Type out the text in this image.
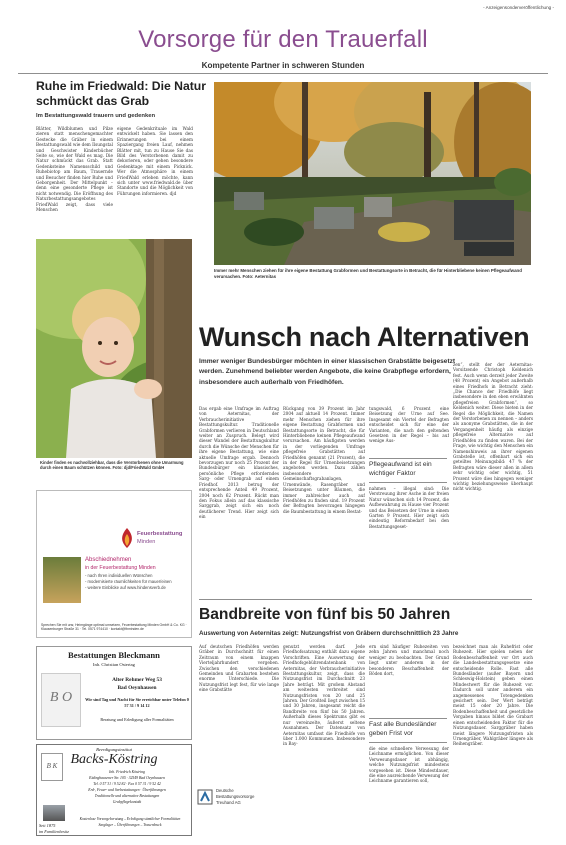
- Anzeigensonderveröffentlichung -
Vorsorge für den Trauerfall
Kompetente Partner in schweren Stunden
Ruhe im Friedwald: Die Natur schmückt das Grab
Im Bestattungswald trauern und gedenken
Blätter, Wildblumen und Pilze zieren statt menschengemachter Gestecke die Gräber in einem Bestattungswald wie dem Ilsungstal und Geschwister Kinderbücher Seite so, wie der Wald es mag. Die Natur schmückt das Grab. Statt Gedenksteine Namensschild und Ruhebiotop am Baum, Trauernde und Besucher finden hier Ruhe und Geborgenheit. Der Mittelpunkt – denn eine gesonderte Pflege ist nicht notwendig. Die Eröffnung des Naturbestattungsangebotes FriedWald zeigt, dass viele Menschen
eigene Gedenkrituale im Wald entwickelt haben. Sie lassen den Erinnerungen bei einem Spaziergang freien Lauf, nehmen Blätter mit, tun zu Hause Sie das Bild des Verstorbenen damit zu dekorieren, oder gehen besondere Gedenktage mit einem Picknick. Wer die Atmosphäre in einem FriedWald erleben möchte, kann sich unter www.friedwald.de über Standorte und die Möglichkeit von Führungen informieren. djd
Immer mehr Menschen ziehen für ihre eigene Bestattung Grabformen und Bestattungsorte in Betracht, die für Hinterbliebene keinen Pflegeaufwand verursachen. Foto: Aeternitas
Kinder finden es nachvollziehbar, dass die Verstorbenen ohne Umarmung durch einen Baum schützen können. Foto: djd/FriedWald GmbH
Feuerbestattung
Minden
Abschiednehmen
in der Feuerbestattung Minden
- nach Ihren individuellen Wünschen
- modernisierte räumlichkeiten für mauer/einen
- weitere Einblicke auf www.hindensverb.de
Sprechen Sie mit uns; Heimgänge optimal umsetzen, Feuerbestattung Minden GmbH & Co. KG · Klausenburger Straße 31 · Tel. 0571 974410 · kontakt@fbminden.de
Wunsch nach Alternativen
Immer weniger Bundesbürger möchten in einer klassischen Grabstätte beigesetzt werden. Zunehmend beliebter werden Angebote, die keine Grabpflege erfordern, insbesondere auch außerhalb von Friedhöfen.
Das ergab eine Umfrage im Auftrag von Aeternitas, der Verbraucherinitiative Bestattungskultur. Traditionelle Grabformen verlieren in Deutschland weiter an Zuspruch. Belegt wird dieser Wandel der Bestattungskultur durch die Wünsche der Menschen für ihre eigene Bestattung, wie eine aktuelle Umfrage ergab. Dennoch bevorzugen nur noch 25 Prozent der Bundesbürger ein klassisches, persönliche Pflege erforderndes Sarg- oder Urnengrab auf einem Friedhof. 2013 betrug der entsprechende Anteil 49 Prozent, 2004 noch 62 Prozent. Rückt man den Fokus allein auf das klassische Sarggrab, zeigt sich ein noch deutlicherer Trend. Hier zeigt sich ein
Rückgang von 39 Prozent im Jahr 2004 auf aktuell 14 Prozent. Immer mehr Menschen ziehen für ihre eigene Bestattung Grabformen und Bestattungsorte in Betracht, die für Hinterbliebene keinen Pflegeaufwand verursachen. Am häufigsten werden in der vorliegenden Umfrage pflegefreie Grabstätten auf Friedhöfen genannt (21 Prozent), die in der Regel für Urnenbeisetzungen angeboten werden. Dazu zählen insbesondere Gemeinschaftsgrabanlagen, Urnenwände, Rasengräber und Beisetzungen unter Bäumen, die immer zahlreicher auch auf Friedhöfen zu finden sind. 19 Prozent der Befragten bevorzugen hingegen die Baumbestattung in einem Bestat-
tungswald, 6 Prozent eine Beisetzung der Urne auf See. Insgesamt ein Viertel der Befragten entscheidet sich für eine der Varianten, die nach den geltenden Gesetzen in der Regel – bis auf wenige Aus-
Pflegeaufwand ist ein wichtiger Faktor
nahmen – illegal sind: Die Verstreuung ihrer Asche in der freien Natur wünschen sich 14 Prozent, die Aufbewahrung zu Hause vier Prozent und das Beisetzen der Urne in einem Garten 9 Prozent. Hier zeigt sich eindeutig Reformbedarf bei den Bestattungsgeset-
zen“, stellt der der Aeternitas-Vorsitzende Christoph Keldenich fest. Auch wenn derzeit jeder Zweite (48 Prozent) ein Angebot außerhalb eines Friedhofs in Betracht zieht: „Die Chance der Friedhöfe liegt insbesondere in den eben erwähnten pflegefreien Grabformen“, so Keldenich weiter. Diese bieten in der Regel die Möglichkeit, die Namen der Verstorbenen zu nennen – anders als anonyme Grabstätten, die in der Vergangenheit häufig als einzige pflegefreie Alternative auf Friedhöfen zu finden waren. Bei der Frage, wie wichtig den Menschen ein Namenshinweis an ihrer eigenen Grabstelle ist, offenbart sich ein geteiltes Meinungsbild: 47 % der Befragten wäre dieser allen in allem sehr wichtig oder wichtig, 51 Prozent wäre dies hingegen weniger wichtig beziehungsweise überhaupt nicht wichtig.
Bandbreite von fünf bis 50 Jahren
Auswertung von Aeternitas zeigt: Nutzungsfrist von Gräbern durchschnittlich 23 Jahre
Auf deutschen Friedhöfen werden Gräber in Durchschnitt für einen Zeitraum von einem knappen Vierteljahrhundert vergeben. Zwischen den verschiedenen Gemeinden und Grabarten bestehen enorme Unterschiede. Die Nutzungsfrist legt fest, für wie lange eine Grabstätte
genutzt werden darf. Jede Friedhofssatzung enthält dazu eigene Vorschriften. Eine Auswertung der Friedhofsgebührendatenbank von Aeternitas, der Verbraucherinitiative Bestattungskultur, zeigt, dass die Nutzungsfrist im Durchschnitt 23 Jahre beträgt. Mit großem Abstand am weitesten verbreitet sind Nutzungsfristen von 20 und 25 Jahren. Der Großteil liegt zwischen 15 und 30 Jahren, insgesamt reicht die Bandbreite von fünf bis 50 Jahren. Außerhalb dieses Spektrums gibt es nur vereinzelte, äußerst seltene Ausnahmen. Der Datensatz von Aeternitas umfasst die Friedhöfe von über 1.000 Kommunen. Insbesondere in Bay-
ern sind häufiger Ruhezeiten von zehn Jahren und manchmal noch weniger zu beobachten. Der Grund liegt unter anderem in der besonderen Beschaffenheit der Böden dort,
Fast alle Bundesländer geben Frist vor
die eine schnellere Verwesung der Leichname ermöglichen. Von dieser Verwesungsdauer ist abhängig, welche Nutzungsfrist mindestens vorgesehen ist. Diese Mindestdauer, die eine ausreichende Verwesung der Leichname garantieren soll,
bezeichnet man als Ruhefrist oder Ruhezeit. Hier spielen neben der Bodenbeschaffenheit vor Ort auch die Landesbestattungsgesetze eine entscheidende Rolle. Fast alle Bundesländer (außer Bayern und Schleswig-Holstein) geben einen Mindestwert für die Ruhezeit vor. Dadurch soll unter anderem ein angemessenes Totengedenken gesichert sein. Der Wert beträgt meist 15 oder 20 Jahre. Die Bodenbeschaffenheit und gesetzliche Vorgaben hinaus bildet die Grabart einen entscheidenden Faktor für die Nutzungsdauer. Sarggräber haben meist längere Nutzungsfristen als Urnengräber, Wahlgräber längere als Reihengräber.
Bestattungen Bleckmann
Inh. Christian Ostertag
B O
Alter Rehmer Weg 53
Bad Oeynhausen
Wir sind Tag und Nacht für Sie erreichbar unter Telefon 0 57 31 / 9 14 12
Beratung und Erledigung aller Formalitäten
Beerdigungsinstitut
B K Backs-Köstring
Inh. Friedrich Köstring
Eidinghausener Str. 105 · 32549 Bad Oeynhausen
Tel. 0 57 31 / 9 52 82 · Fax 0 57 31 / 9 52 42
Erd-, Feuer- und Seebestattungen · Überführungen
Traditionelle und alternative Bestattungen
Grabpflegekontakt
Seit 1875
im Familienbesitz
Kostenlose Vorsorgeberatung – Erledigung sämtlicher Formalitäten
Sarglager – Überführungen – Trauerdruck
Deutsche
Bestattungsvorsorge
Treuhand AG
